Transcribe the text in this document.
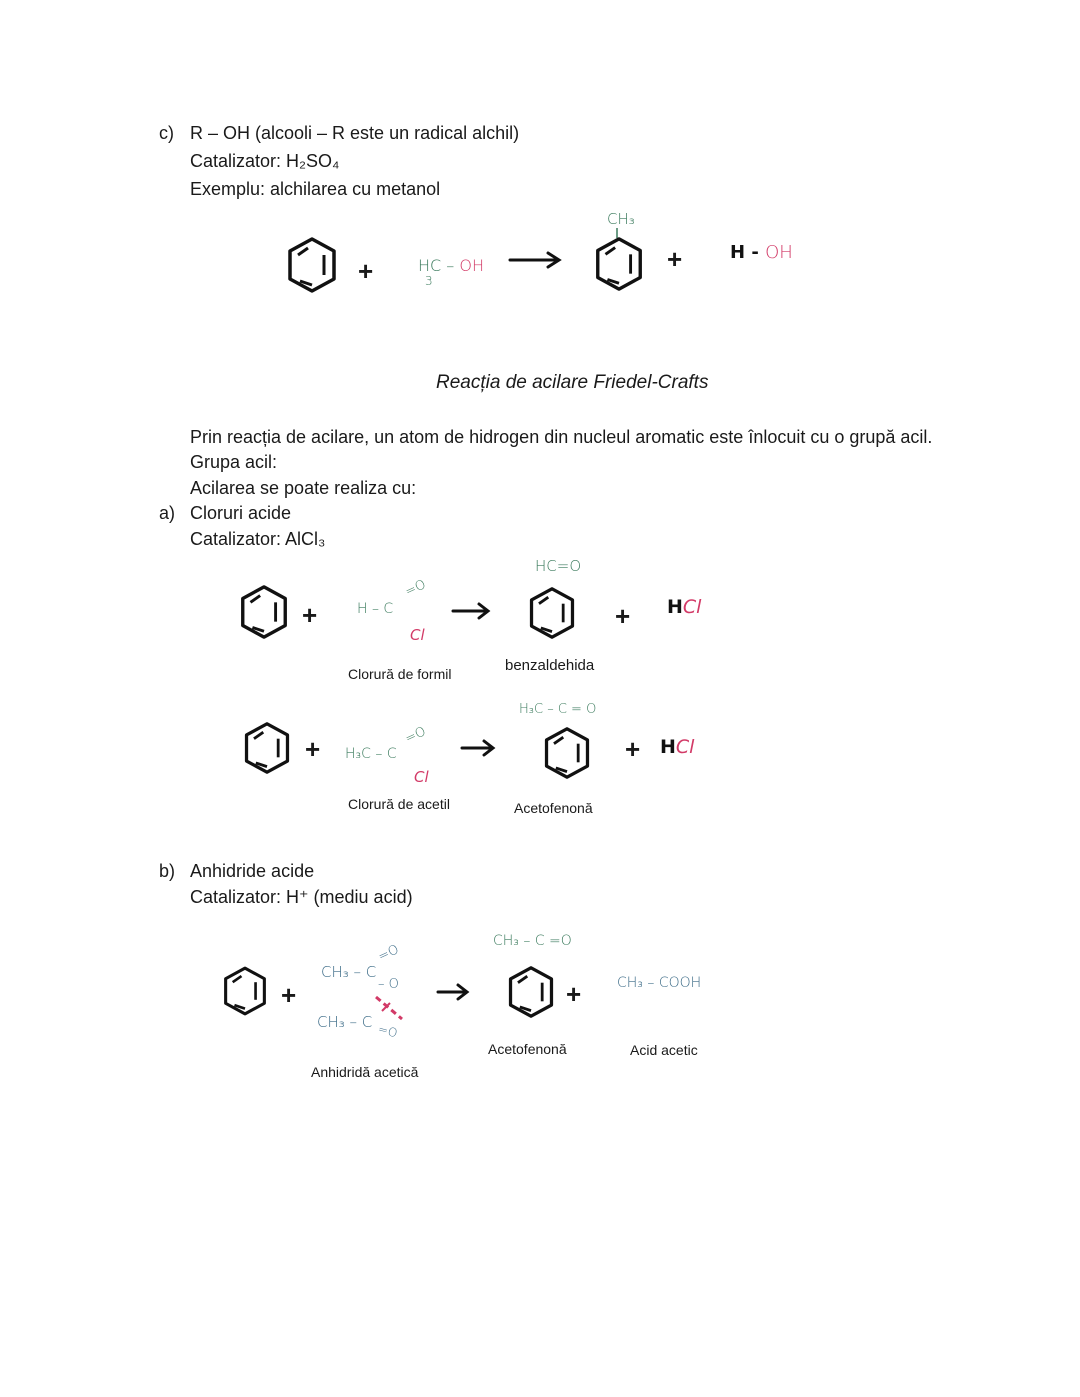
c) R – OH (alcooli – R este un radical alchil)
Catalizator: H₂SO₄
Exemplu: alchilarea cu metanol
+	HC – OH
3
CH₃
+	H - OH
Reacția de acilare Friedel-Crafts
Prin reacția de acilare, un atom de hidrogen din nucleul aromatic este înlocuit cu o grupă acil.
Grupa acil:
Acilarea se poate realiza cu:
a) Cloruri acide
Catalizator: AlCl₃
+	H – C
=O
Cl
HC=O
+ HCl
Clorură de formil	benzaldehida
+ H₃C – C
=O
Cl
H₃C – C = O
+ HCl
Clorură de acetil	Acetofenonă
b) Anhidride acide
Catalizator: H⁺ (mediu acid)
+
CH₃ – C
=O
– O
CH₃ – C =O
CH₃ – C =O
+	CH₃ – COOH
Anhidridă acetică
Acetofenonă	Acid acetic
